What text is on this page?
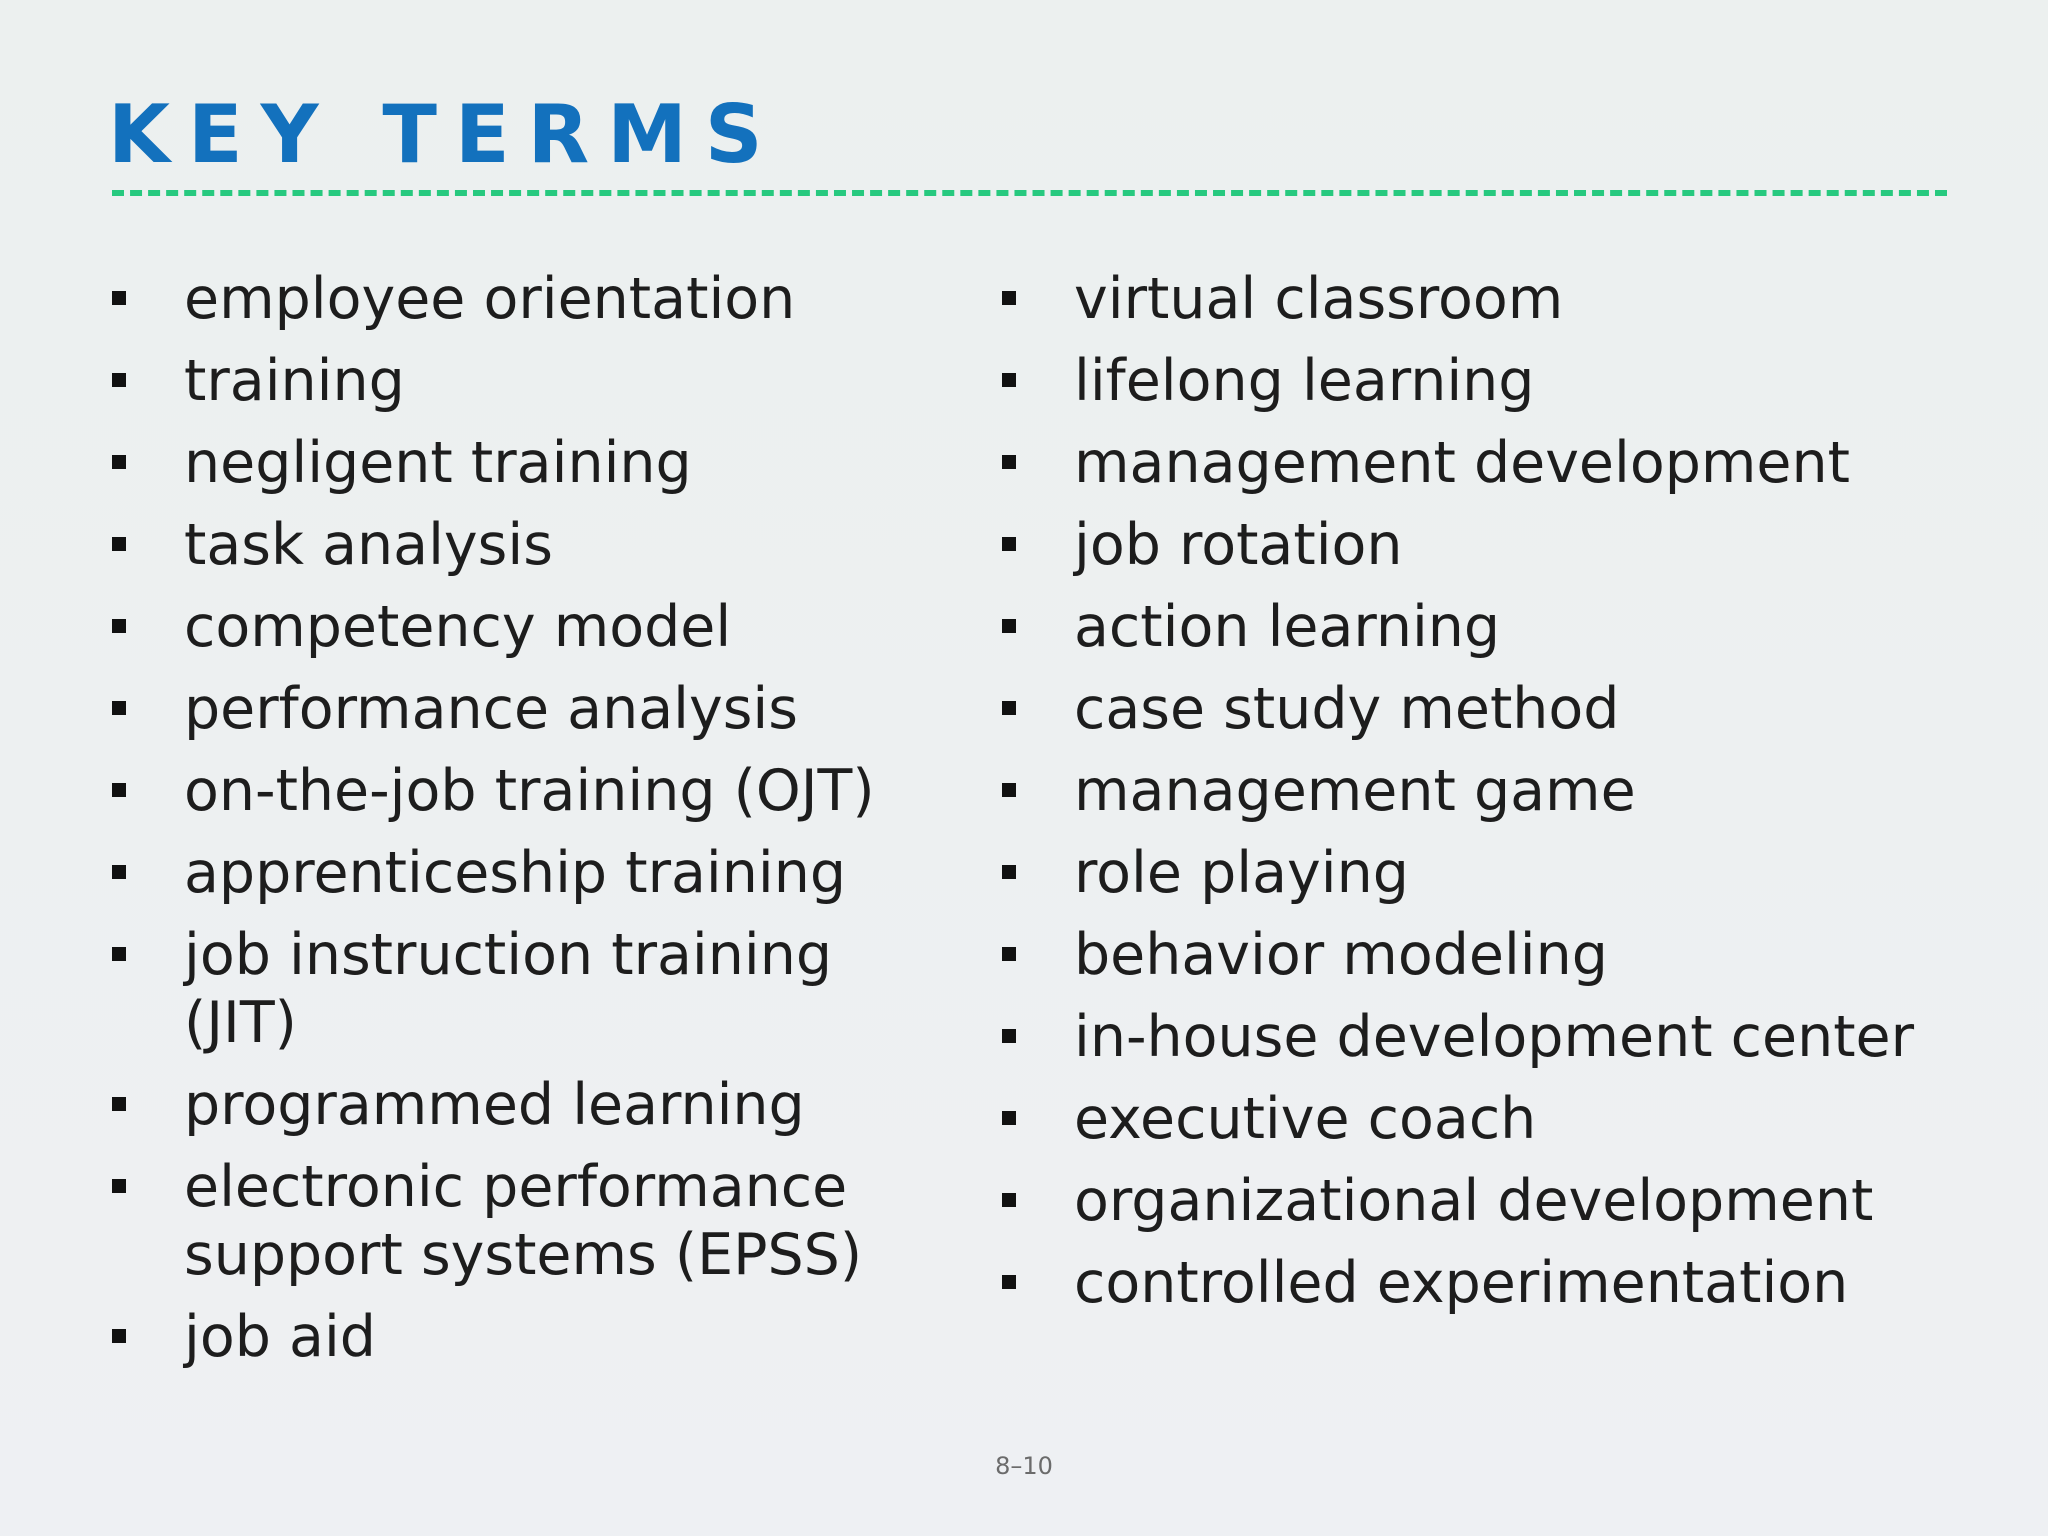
KEY TERMS
employee orientation
training
negligent training
task analysis
competency model
performance analysis
on-the-job training (OJT)
apprenticeship training
job instruction training (JIT)
programmed learning
electronic performance support systems (EPSS)
job aid
virtual classroom
lifelong learning
management development
job rotation
action learning
case study method
management game
role playing
behavior modeling
in-house development center
executive coach
organizational development
controlled experimentation
8–10
